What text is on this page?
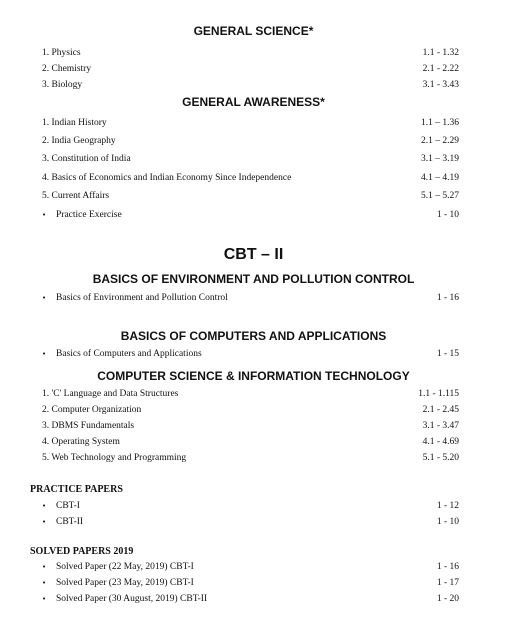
GENERAL SCIENCE*
1. Physics	1.1 - 1.32
2. Chemistry	2.1 - 2.22
3. Biology	3.1 - 3.43
GENERAL AWARENESS*
1. Indian History	1.1 – 1.36
2. India Geography	2.1 – 2.29
3. Constitution of India	3.1 – 3.19
4. Basics of Economics and Indian Economy Since Independence	4.1 – 4.19
5. Current Affairs	5.1 – 5.27
• Practice Exercise	1 - 10
CBT – II
BASICS OF ENVIRONMENT AND POLLUTION CONTROL
• Basics of Environment and Pollution Control	1 - 16
BASICS OF COMPUTERS AND APPLICATIONS
• Basics of Computers and Applications	1 - 15
COMPUTER SCIENCE & INFORMATION TECHNOLOGY
1. 'C' Language and Data Structures	1.1 - 1.115
2. Computer Organization	2.1 - 2.45
3. DBMS Fundamentals	3.1 - 3.47
4. Operating System	4.1 - 4.69
5. Web Technology and Programming	5.1 - 5.20
PRACTICE PAPERS
• CBT-I	1 - 12
• CBT-II	1 - 10
SOLVED PAPERS 2019
• Solved Paper (22 May, 2019) CBT-I	1 - 16
• Solved Paper (23 May, 2019) CBT-I	1 - 17
• Solved Paper (30 August, 2019) CBT-II	1 - 20
